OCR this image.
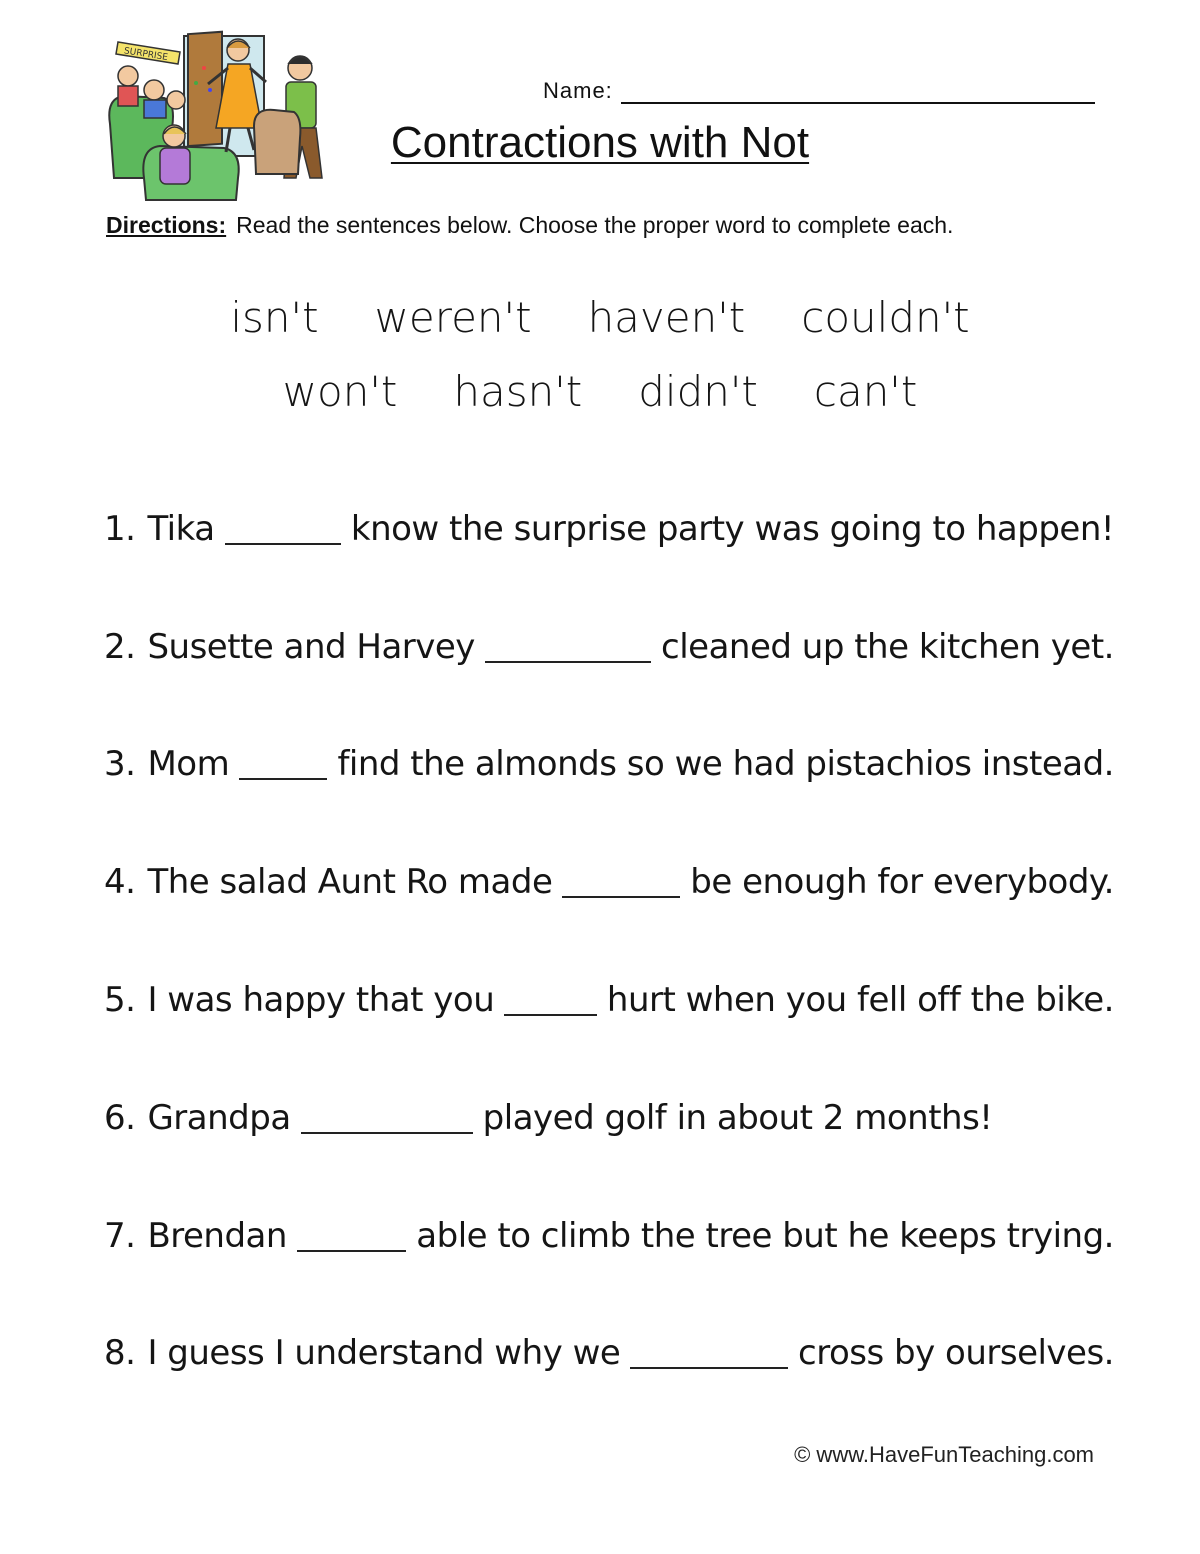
SURPRISE
Name:
Contractions with Not
Directions: Read the sentences below. Choose the proper word to complete each.
isn't weren't haven't couldn't
won't hasn't didn't can't
1. Tika	know the surprise party was going to happen!
2. Susette and Harvey	cleaned up the kitchen yet.
3. Mom	find the almonds so we had pistachios instead.
4. The salad Aunt Ro made	be enough for everybody.
5. I was happy that you	hurt when you fell off the bike.
6. Grandpa	played golf in about 2 months!
7. Brendan	able to climb the tree but he keeps trying.
8. I guess I understand why we	cross by ourselves.
© www.HaveFunTeaching.com
